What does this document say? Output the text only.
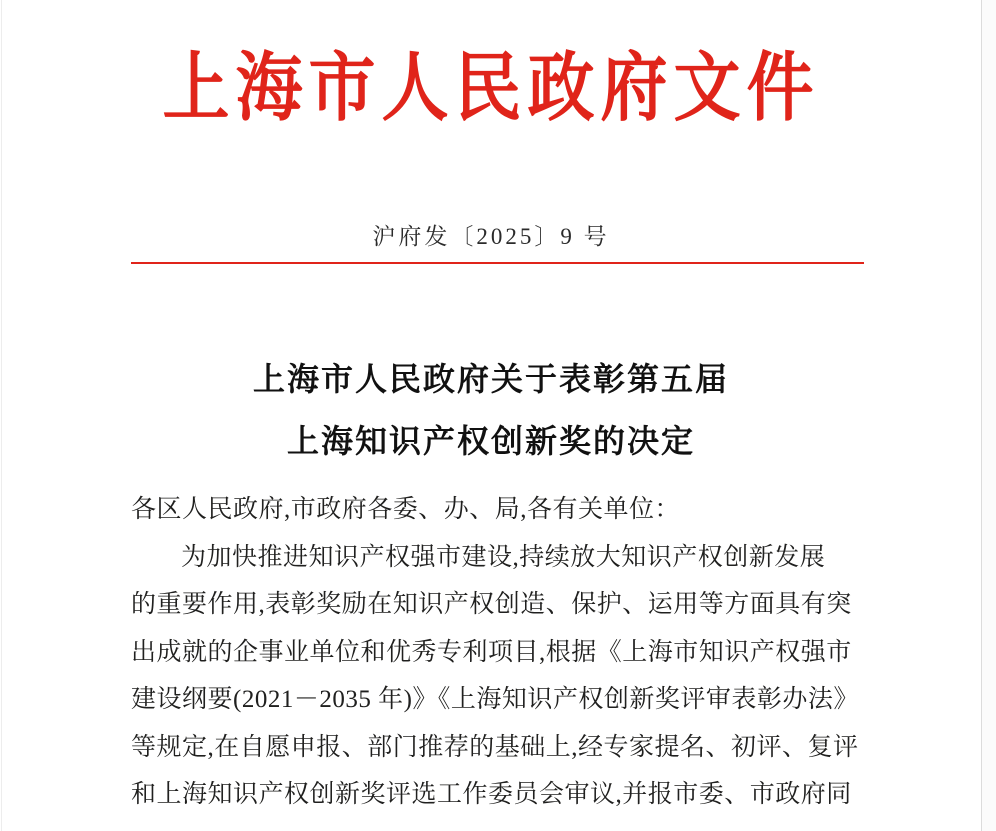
上海市人民政府文件
沪府发〔2025〕9 号
上海市人民政府关于表彰第五届
上海知识产权创新奖的决定
各区人民政府,市政府各委、办、局,各有关单位：
为加快推进知识产权强市建设,持续放大知识产权创新发展
的重要作用,表彰奖励在知识产权创造、保护、运用等方面具有突
出成就的企事业单位和优秀专利项目,根据《上海市知识产权强市
建设纲要(2021－2035 年)》《上海知识产权创新奖评审表彰办法》
等规定,在自愿申报、部门推荐的基础上,经专家提名、初评、复评
和上海知识产权创新奖评选工作委员会审议,并报市委、市政府同
